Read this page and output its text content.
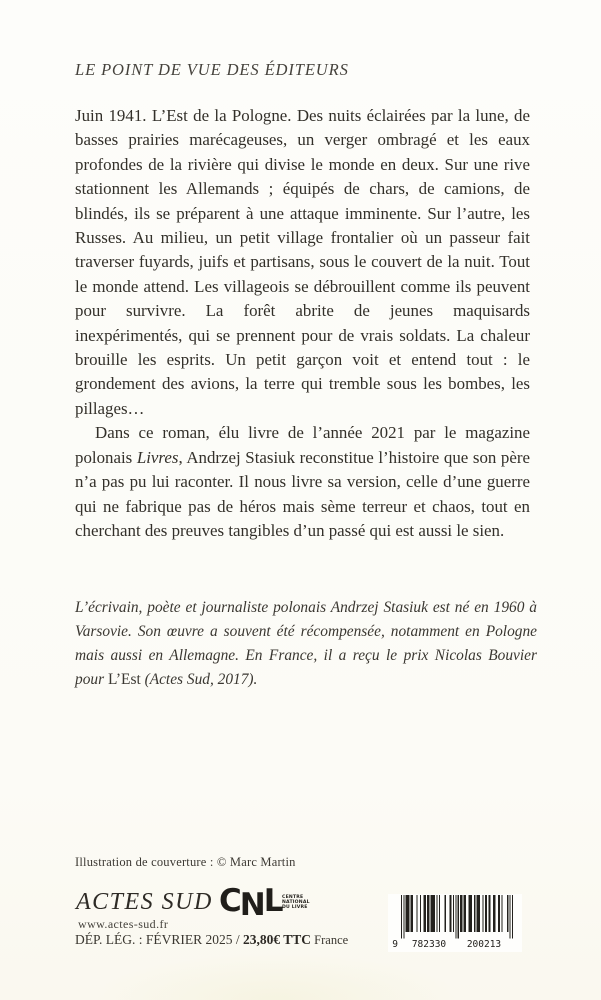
LE POINT DE VUE DES ÉDITEURS

Juin 1941. L’Est de la Pologne. Des nuits éclairées par la lune, de basses prairies marécageuses, un verger ombragé et les eaux profondes de la rivière qui divise le monde en deux. Sur une rive stationnent les Allemands ; équipés de chars, de camions, de blindés, ils se préparent à une attaque imminente. Sur l’autre, les Russes. Au milieu, un petit village frontalier où un passeur fait traverser fuyards, juifs et partisans, sous le couvert de la nuit. Tout le monde attend. Les villageois se débrouillent comme ils peuvent pour survivre. La forêt abrite de jeunes maquisards inexpérimentés, qui se prennent pour de vrais soldats. La chaleur brouille les esprits. Un petit garçon voit et entend tout : le grondement des avions, la terre qui tremble sous les bombes, les pillages…

Dans ce roman, élu livre de l’année 2021 par le magazine polonais Livres, Andrzej Stasiuk reconstitue l’histoire que son père n’a pas pu lui raconter. Il nous livre sa version, celle d’une guerre qui ne fabrique pas de héros mais sème terreur et chaos, tout en cherchant des preuves tangibles d’un passé qui est aussi le sien.

L’écrivain, poète et journaliste polonais Andrzej Stasiuk est né en 1960 à Varsovie. Son œuvre a souvent été récompensée, notamment en Pologne mais aussi en Allemagne. En France, il a reçu le prix Nicolas Bouvier pour L’Est (Actes Sud, 2017).
Illustration de couverture : © Marc Martin
ACTES SUD
www.actes-sud.fr
CNL CENTRE
NATIONAL
DU LIVRE
DÉP. LÉG. : FÉVRIER 2025 / 23,80€ TTC France	9 782330 200213
